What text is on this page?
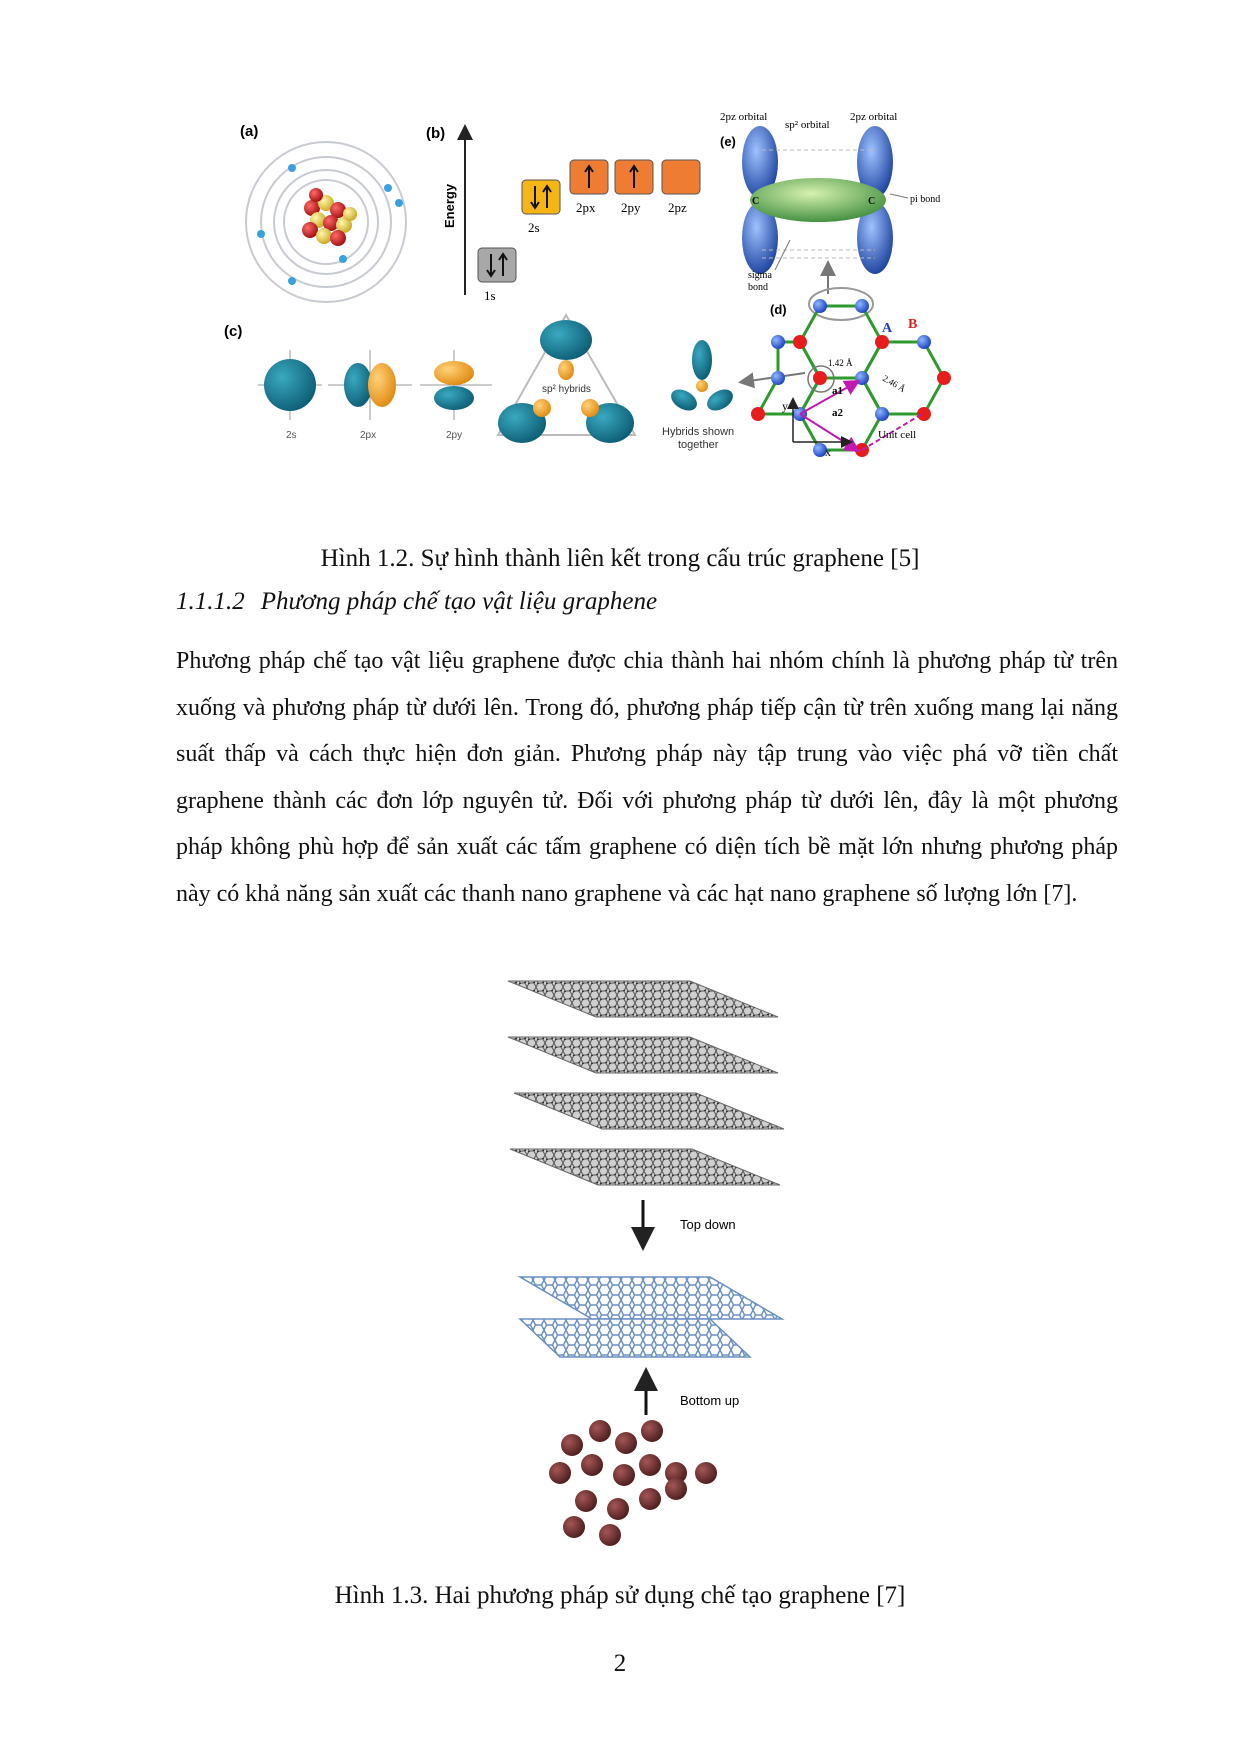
(a)	(b)
Energy
1s
2s
2px 2py 2pz
(c)
2s	2px	2py
sp² hybrids
Hybrids shown
together
(e)
2pz orbital
sp² orbital
2pz orbital
C	C	pi bond
sigma
bond
(d)
A B
1.42 Å
2.46 Å
a1
a2
Unit cell
y
x
Hình 1.2. Sự hình thành liên kết trong cấu trúc graphene [5]
1.1.1.2 Phương pháp chế tạo vật liệu graphene
Phương pháp chế tạo vật liệu graphene được chia thành hai nhóm chính là phương pháp từ trên xuống và phương pháp từ dưới lên. Trong đó, phương pháp tiếp cận từ trên xuống mang lại năng suất thấp và cách thực hiện đơn giản. Phương pháp này tập trung vào việc phá vỡ tiền chất graphene thành các đơn lớp nguyên tử. Đối với phương pháp từ dưới lên, đây là một phương pháp không phù hợp để sản xuất các tấm graphene có diện tích bề mặt lớn nhưng phương pháp này có khả năng sản xuất các thanh nano graphene và các hạt nano graphene số lượng lớn [7].
Top down
Bottom up
Hình 1.3. Hai phương pháp sử dụng chế tạo graphene [7]
2
